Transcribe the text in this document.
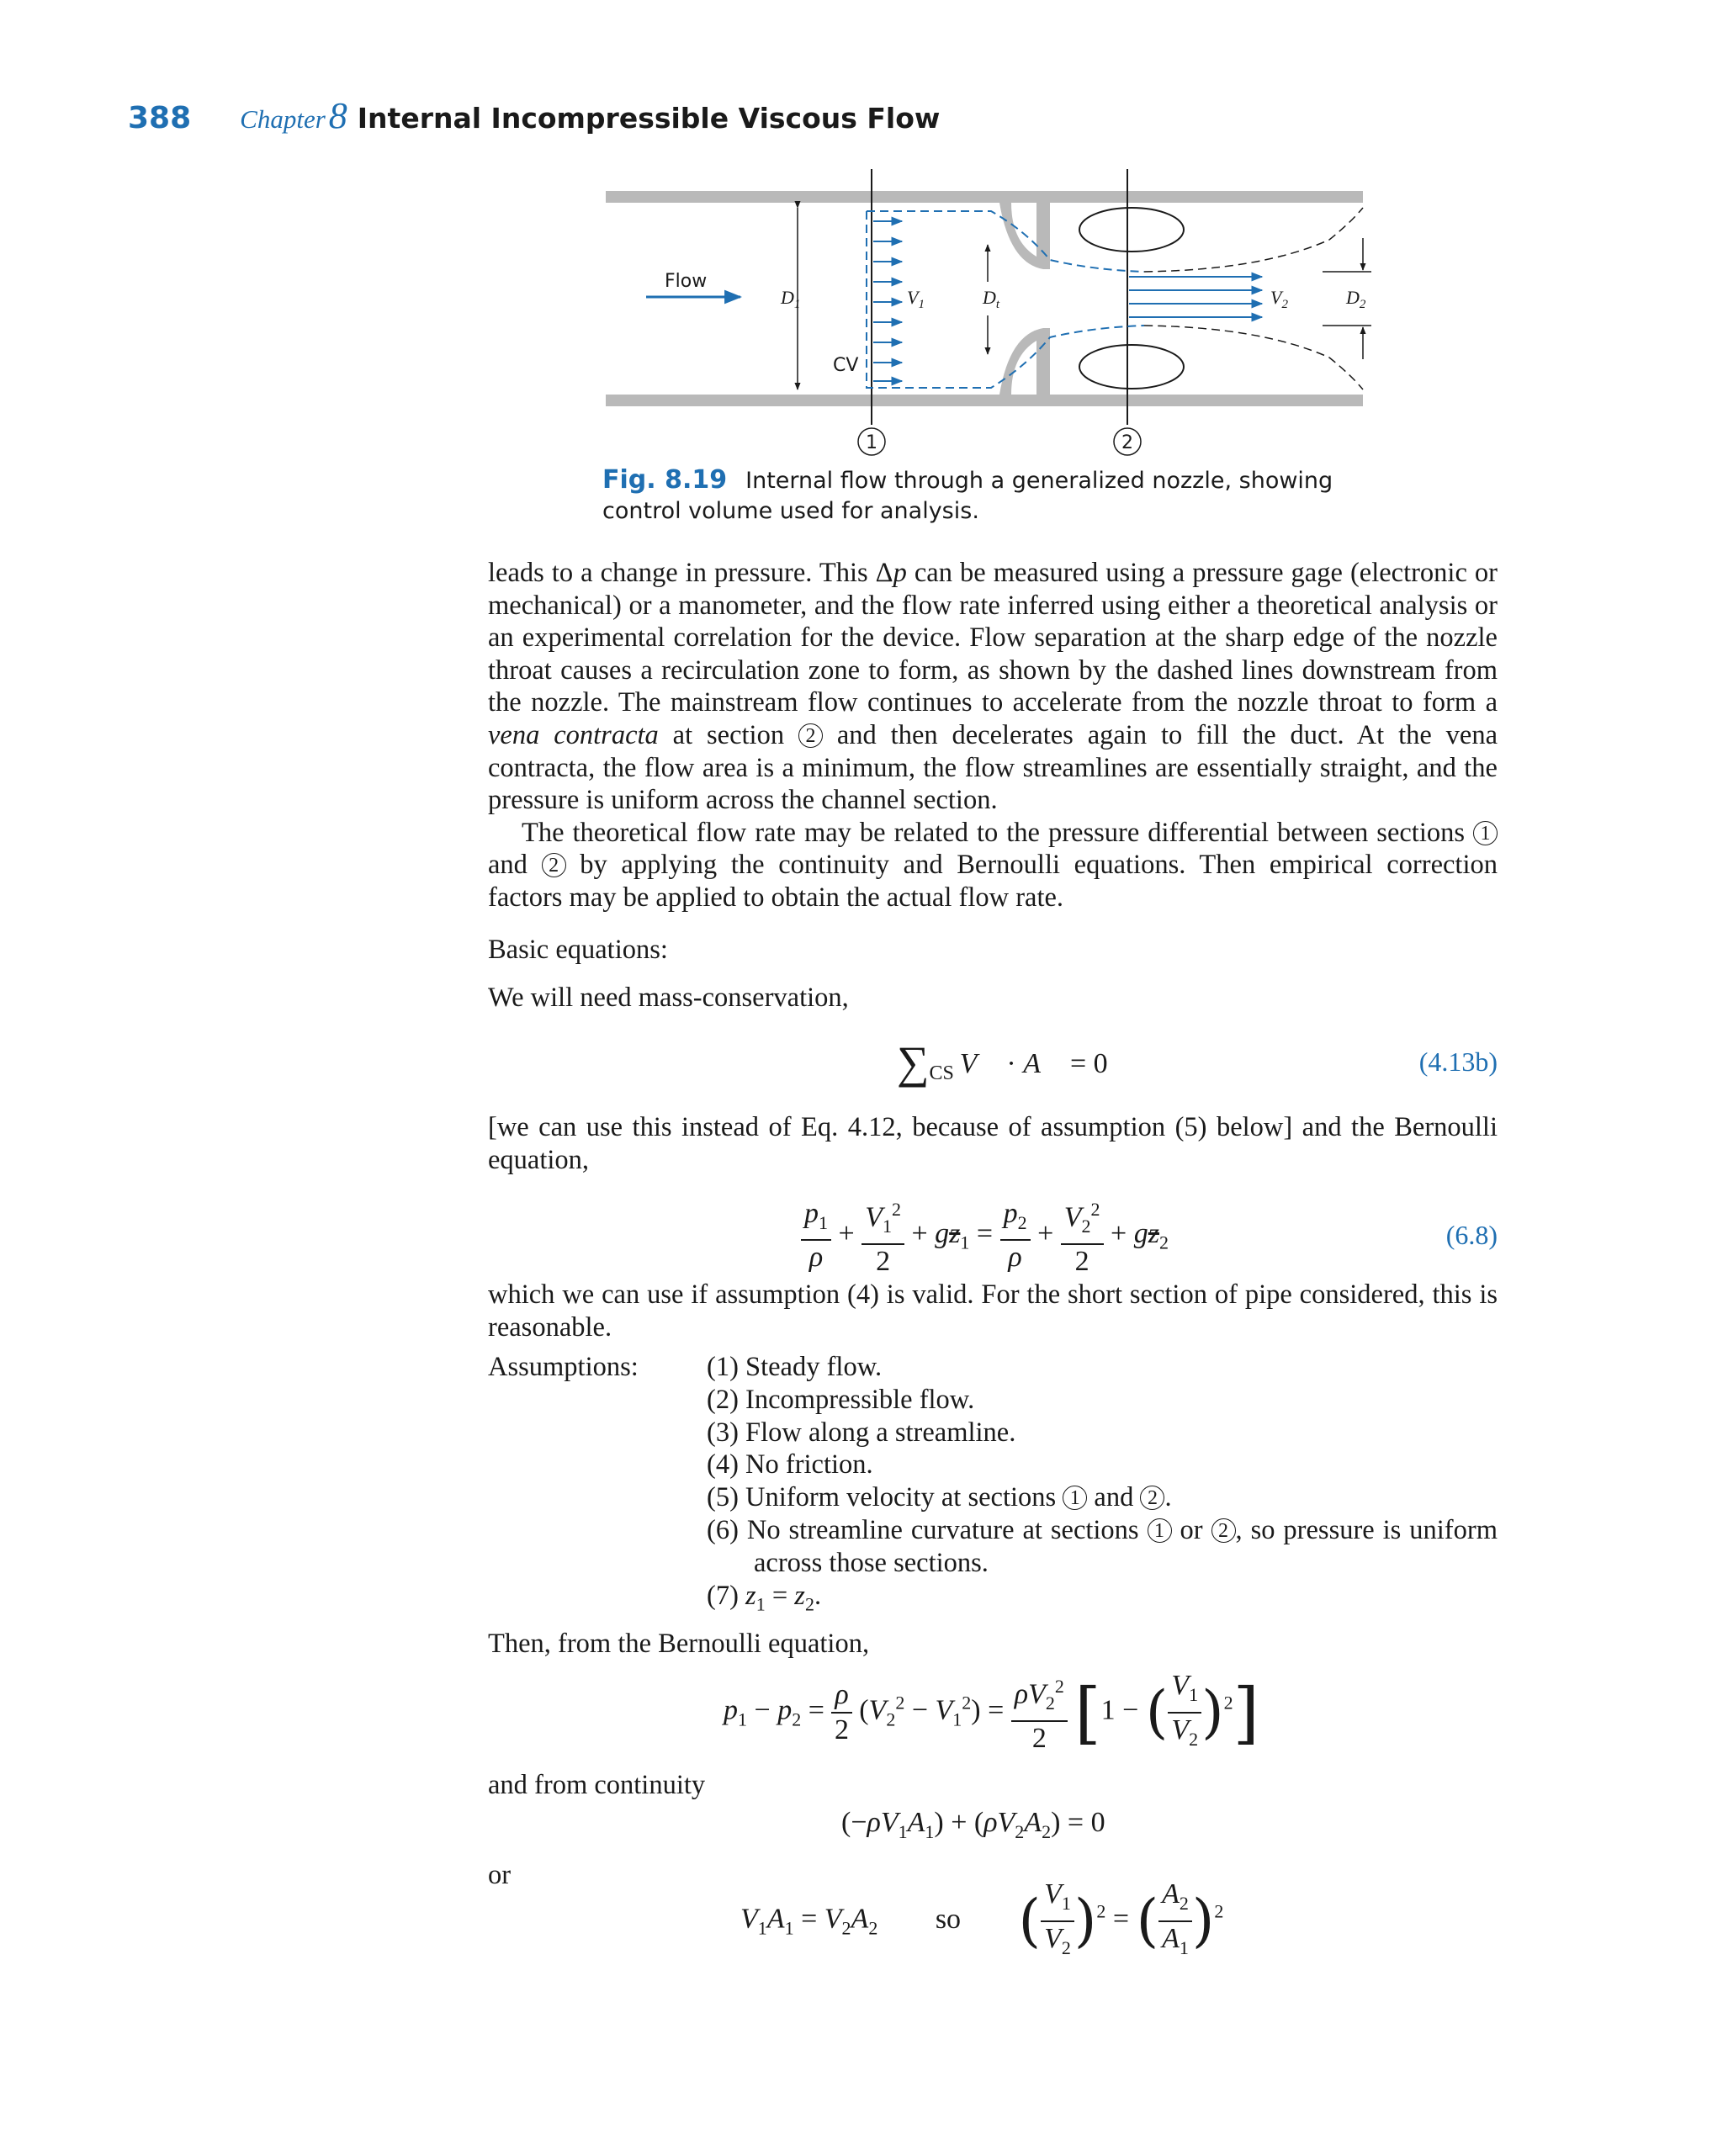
388 Chapter8 Internal Incompressible Viscous Flow
Flow
$D_1$	$V_1$	$D_t$
CV
$V_2$	$D_2$
1	2
Fig. 8.19 Internal flow through a generalized nozzle, showing control volume used for analysis.

leads to a change in pressure. This Δp can be measured using a pressure gage (electronic or mechanical) or a manometer, and the flow rate inferred using either a theoretical analysis or an experimental correlation for the device. Flow separation at the sharp edge of the nozzle throat causes a recirculation zone to form, as shown by the dashed lines downstream from the nozzle. The mainstream flow continues to accelerate from the nozzle throat to form a vena contracta at section 2 and then decelerates again to fill the duct. At the vena contracta, the flow area is a minimum, the flow streamlines are essentially straight, and the pressure is uniform across the channel section.

The theoretical flow rate may be related to the pressure differential between sections 1 and 2 by applying the continuity and Bernoulli equations. Then empirical correction factors may be applied to obtain the actual flow rate.

Basic equations:
We will need mass-conservation,
$\sum_{CS}$  V⃗ · A⃗ = 0	(4.13b)
[we can use this instead of Eq. 4.12, because of assumption (5) below] and the Bernoulli equation,
$\frac{p_1}{\rho} + \frac{V_1^2}{2} + gz_1 = \frac{p_2}{\rho} + \frac{V_2^2}{2} + gz_2$	(6.8)
which we can use if assumption (4) is valid. For the short section of pipe considered, this is reasonable.
Assumptions: (1) Steady flow.
(2) Incompressible flow.
(3) Flow along a streamline.
(4) No friction.
(5) Uniform velocity at sections 1 and 2 .
(6) No streamline curvature at sections 1 or 2 , so pressure is uniform across those sections.
(7) $z_1 = z_2$.
Then, from the Bernoulli equation,
$p_1 - p_2 = \frac{\rho}{2} (V_2^2 - V_1^2) = \frac{\rho V_2^2}{2} [1$ − ( $\frac{V_1}{V_2} )^2$]
and from continuity
$(-\rho V_1A_1) + (\rho V_2A_2) = 0$
or
$V_1A_1 = V_2A_2$ so ( $\frac{V_1}{V_2} )^2$ = ( $\frac{A_2}{A_1} )^2$
